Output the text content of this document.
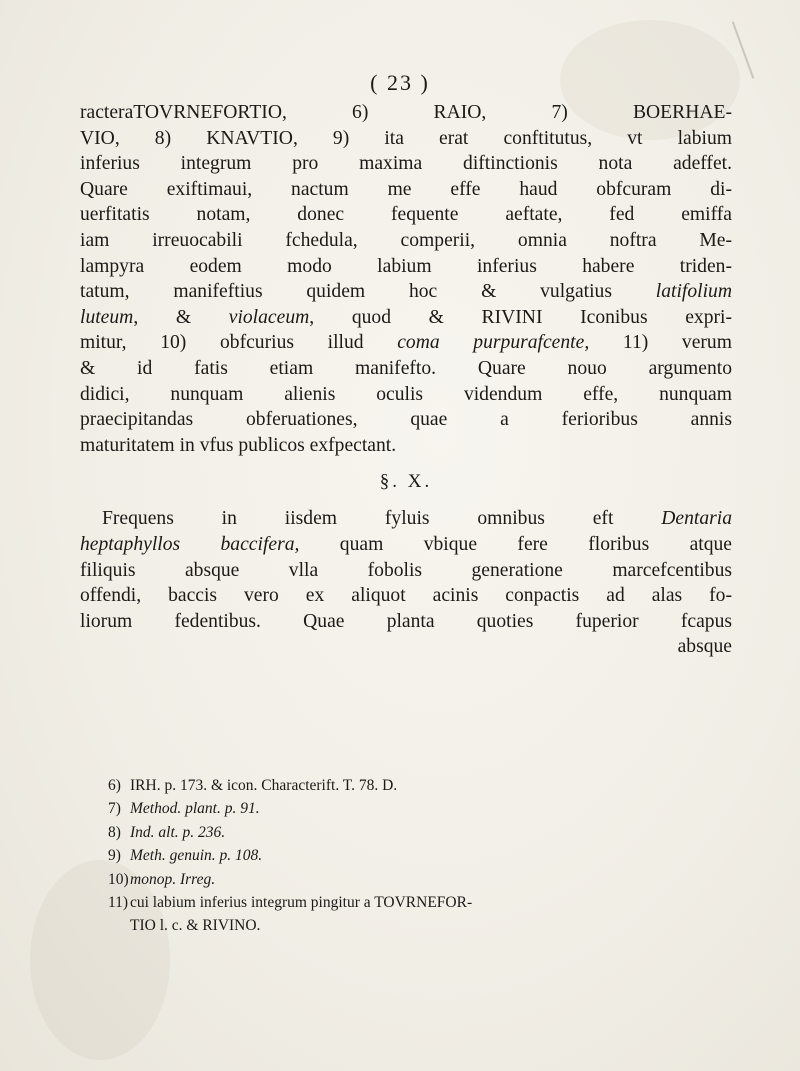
( 23 )
racteraTOVRNEFORTIO, 6) RAIO, 7) BOERHAE-
VIO, 8) KNAVTIO, 9) ita erat conftitutus, vt labium
inferius integrum pro maxima diftinctionis nota adeffet.
Quare exiftimaui, nactum me effe haud obfcuram di-
uerfitatis notam, donec fequente aeftate, fed emiffa
iam irreuocabili fchedula, comperii, omnia noftra Me-
lampyra eodem modo labium inferius habere triden-
tatum, manifeftius quidem hoc & vulgatius latifolium
luteum, & violaceum, quod & RIVINI Iconibus expri-
mitur, 10) obfcurius illud coma purpurafcente, 11) verum
& id fatis etiam manifefto. Quare nouo argumento
didici, nunquam alienis oculis videndum effe, nunquam
praecipitandas obferuationes, quae a ferioribus annis
maturitatem in vfus publicos exfpectant.
§. X.
Frequens in iisdem fyluis omnibus eft Dentaria
heptaphyllos baccifera, quam vbique fere floribus atque
filiquis absque vlla fobolis generatione marcefcentibus
offendi, baccis vero ex aliquot acinis conpactis ad alas fo-
liorum fedentibus. Quae planta quoties fuperior fcapus
absque
6) IRH. p. 173. & icon. Characterift. T. 78. D.
7) Method. plant. p. 91.
8) Ind. alt. p. 236.
9) Meth. genuin. p. 108.
10)monop. Irreg.
11) cui labium inferius integrum pingitur a TOVRNEFOR-
TIO l. c. & RIVINO.
